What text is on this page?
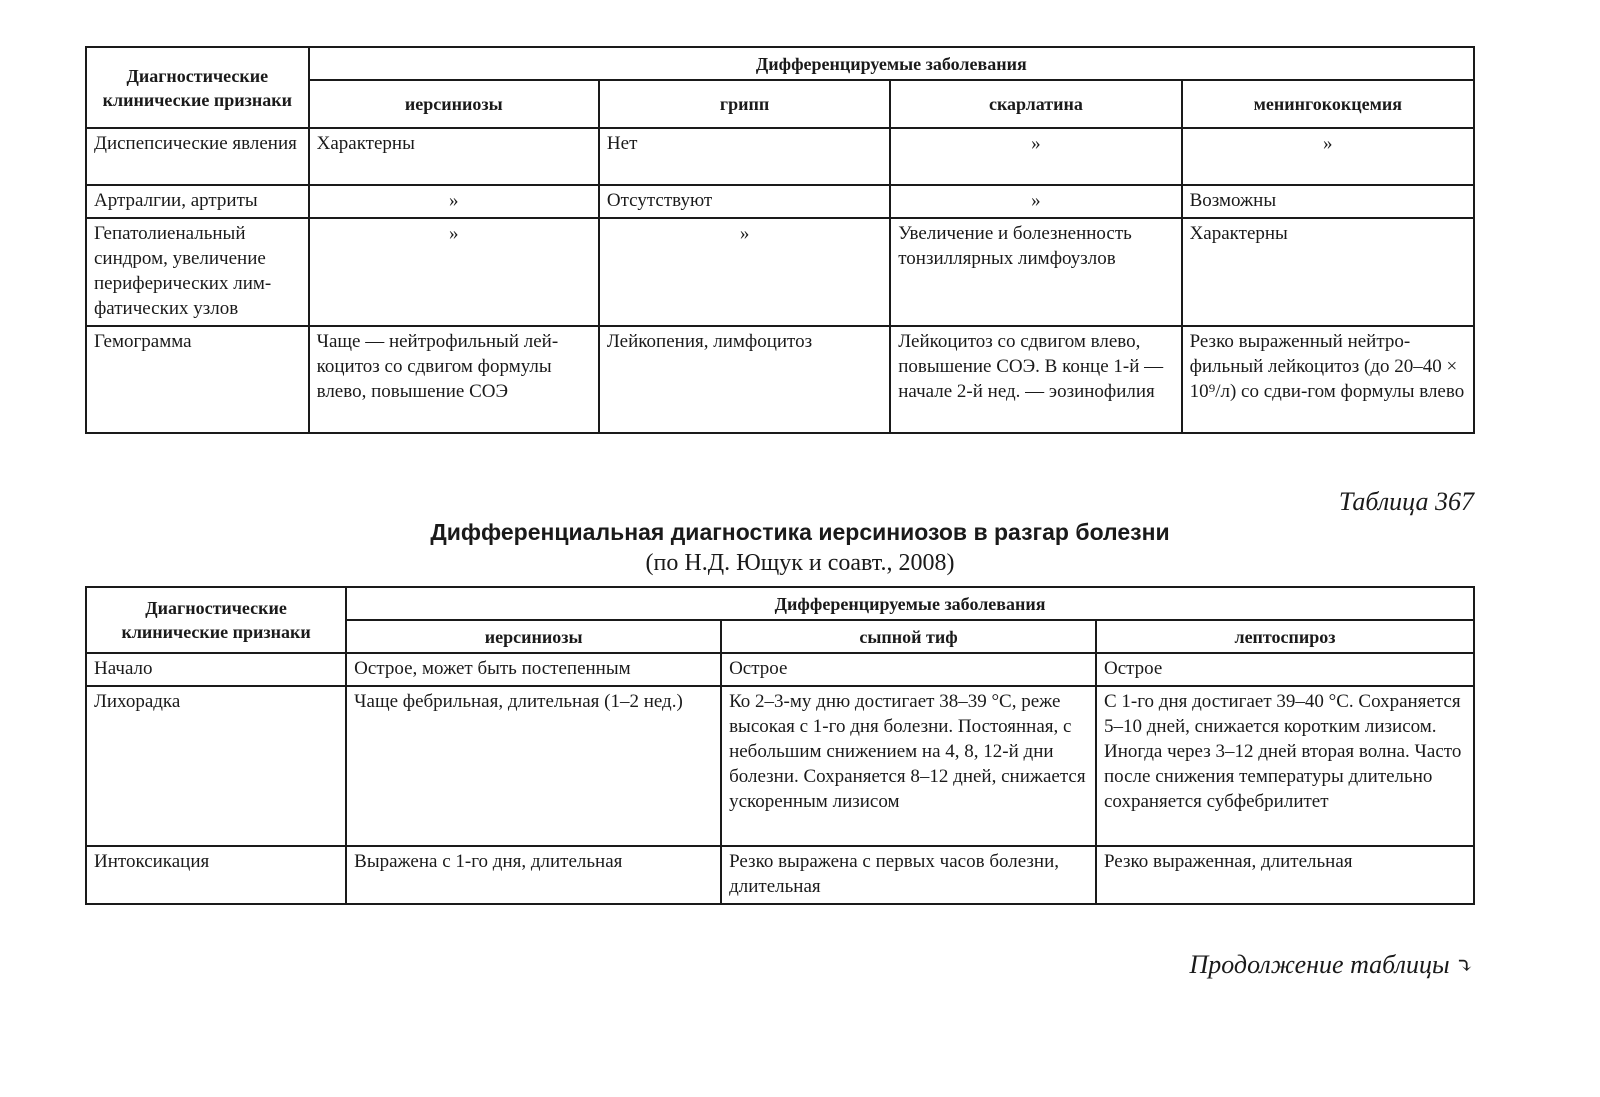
Диагностические клинические признаки	Дифференцируемые заболевания			
	иерсиниозы	грипп	скарлатина	менингококцемия
Диспепсические явления	Характерны	Нет	»	»
Артралгии, артриты	»	Отсутствуют	»	Возможны
Гепатолиенальный синдром, увеличение периферических лим-фатических узлов	»	»	Увеличение и болезненность тонзиллярных лимфоузлов	Характерны
Гемограмма	Чаще — нейтрофильный лей-коцитоз со сдвигом формулы влево, повышение СОЭ	Лейкопения, лимфоцитоз	Лейкоцитоз со сдвигом влево, повышение СОЭ. В конце 1-й — начале 2-й нед. — эозинофилия	Резко выраженный нейтро-фильный лейкоцитоз (до 20–40 × 10⁹/л) со сдви-гом формулы влево
Таблица 367
Дифференциальная диагностика иерсиниозов в разгар болезни
(по Н.Д. Ющук и соавт., 2008)
Диагностические клинические признаки	Дифференцируемые заболевания		
	иерсиниозы	сыпной тиф	лептоспироз
Начало	Острое, может быть постепенным	Острое	Острое
Лихорадка	Чаще фебрильная, длительная (1–2 нед.)	Ко 2–3-му дню достигает 38–39 °С, реже высокая с 1-го дня болезни. Постоянная, с небольшим снижением на 4, 8, 12-й дни болезни. Сохраняется 8–12 дней, снижается ускоренным лизисом	С 1-го дня достигает 39–40 °С. Сохраняется 5–10 дней, снижается коротким лизисом. Иногда через 3–12 дней вторая волна. Часто после снижения температуры длительно сохраняется субфебрилитет
Интоксикация	Выражена с 1-го дня, длительная	Резко выражена с первых часов болезни, длительная	Резко выраженная, длительная
Продолжение таблицы ⤵
